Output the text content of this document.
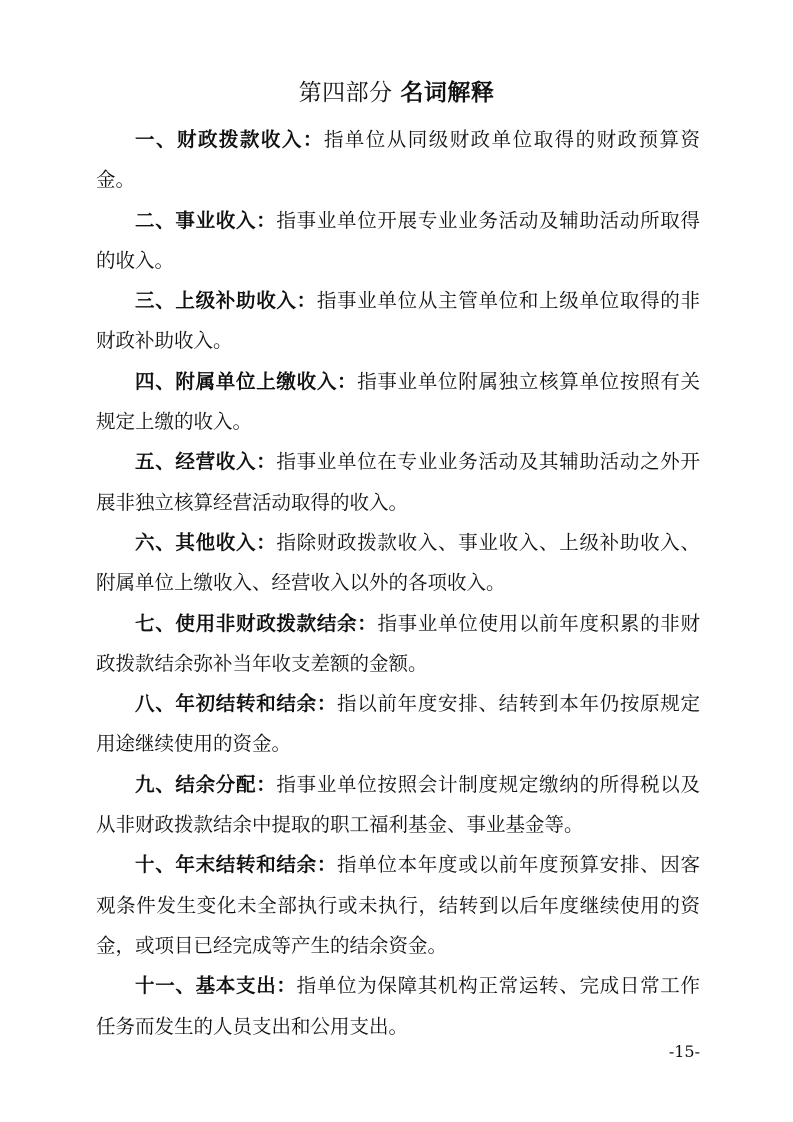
第四部分 名词解释

一、财政拨款收入：指单位从同级财政单位取得的财政预算资金。

二、事业收入：指事业单位开展专业业务活动及辅助活动所取得的收入。

三、上级补助收入：指事业单位从主管单位和上级单位取得的非财政补助收入。

四、附属单位上缴收入：指事业单位附属独立核算单位按照有关规定上缴的收入。

五、经营收入：指事业单位在专业业务活动及其辅助活动之外开展非独立核算经营活动取得的收入。

六、其他收入：指除财政拨款收入、事业收入、上级补助收入、附属单位上缴收入、经营收入以外的各项收入。

七、使用非财政拨款结余：指事业单位使用以前年度积累的非财政拨款结余弥补当年收支差额的金额。

八、年初结转和结余：指以前年度安排、结转到本年仍按原规定用途继续使用的资金。

九、结余分配：指事业单位按照会计制度规定缴纳的所得税以及从非财政拨款结余中提取的职工福利基金、事业基金等。

十、年末结转和结余：指单位本年度或以前年度预算安排、因客观条件发生变化未全部执行或未执行，结转到以后年度继续使用的资金，或项目已经完成等产生的结余资金。

十一、基本支出：指单位为保障其机构正常运转、完成日常工作任务而发生的人员支出和公用支出。

-15-
